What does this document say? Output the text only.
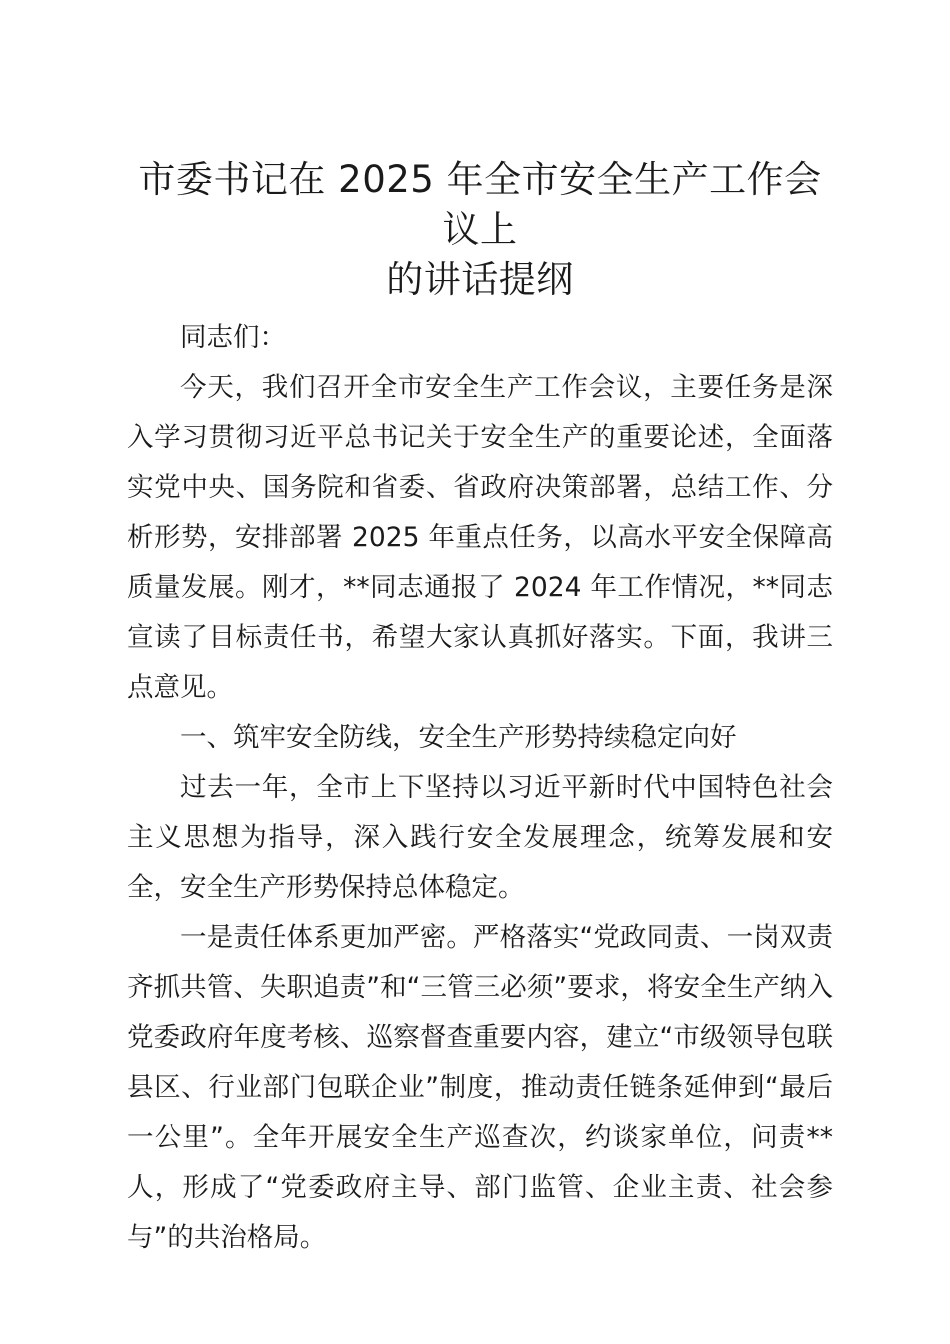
市委书记在 2025 年全市安全生产工作会议上
的讲话提纲

同志们：

今天，我们召开全市安全生产工作会议，主要任务是深入学习贯彻习近平总书记关于安全生产的重要论述，全面落实党中央、国务院和省委、省政府决策部署，总结工作、分析形势，安排部署 2025 年重点任务，以高水平安全保障高质量发展。刚才，**同志通报了 2024 年工作情况，**同志宣读了目标责任书，希望大家认真抓好落实。下面，我讲三点意见。

一、筑牢安全防线，安全生产形势持续稳定向好

过去一年，全市上下坚持以习近平新时代中国特色社会主义思想为指导，深入践行安全发展理念，统筹发展和安全，安全生产形势保持总体稳定。

一是责任体系更加严密。严格落实“党政同责、一岗双责齐抓共管、失职追责”和“三管三必须”要求，将安全生产纳入党委政府年度考核、巡察督查重要内容，建立“市级领导包联县区、行业部门包联企业”制度，推动责任链条延伸到“最后一公里”。全年开展安全生产巡查次，约谈家单位，问责**人，形成了“党委政府主导、部门监管、企业主责、社会参与”的共治格局。
